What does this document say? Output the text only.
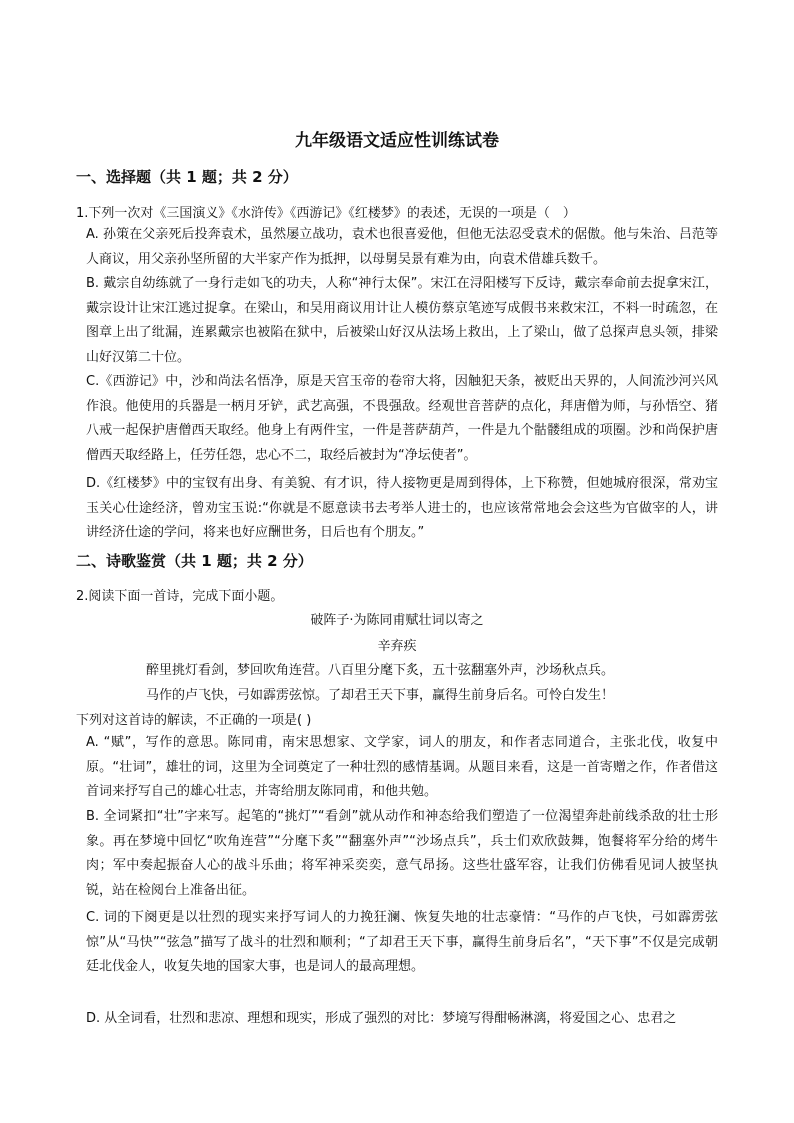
九年级语文适应性训练试卷
一、选择题（共 1 题；共 2 分）
1.下列一次对《三国演义》《水浒传》《西游记》《红楼梦》的表述，无误的一项是（　）
A. 孙策在父亲死后投奔袁术，虽然屡立战功，袁术也很喜爱他，但他无法忍受袁术的倨傲。他与朱治、吕范等人商议，用父亲孙坚所留的大半家产作为抵押，以母舅吴景有难为由，向袁术借雄兵数千。
B. 戴宗自幼练就了一身行走如飞的功夫，人称“神行太保”。宋江在浔阳楼写下反诗，戴宗奉命前去捉拿宋江，戴宗设计让宋江逃过捉拿。在梁山，和吴用商议用计让人模仿蔡京笔迹写成假书来救宋江，不料一时疏忽，在图章上出了纰漏，连累戴宗也被陷在狱中，后被梁山好汉从法场上救出，上了梁山，做了总探声息头领，排梁山好汉第二十位。
C.《西游记》中，沙和尚法名悟净，原是天宫玉帝的卷帘大将，因触犯天条，被贬出天界的，人间流沙河兴风作浪。他使用的兵器是一柄月牙铲，武艺高强，不畏强敌。经观世音菩萨的点化，拜唐僧为师，与孙悟空、猪八戒一起保护唐僧西天取经。他身上有两件宝，一件是菩萨葫芦，一件是九个骷髅组成的项圈。沙和尚保护唐僧西天取经路上，任劳任怨，忠心不二，取经后被封为“净坛使者”。
D.《红楼梦》中的宝钗有出身、有美貌、有才识，待人接物更是周到得体，上下称赞，但她城府很深，常劝宝玉关心仕途经济，曾劝宝玉说:“你就是不愿意读书去考举人进士的，也应该常常地会会这些为官做宰的人，讲讲经济仕途的学问，将来也好应酬世务，日后也有个朋友。”
二、诗歌鉴赏（共 1 题；共 2 分）
2.阅读下面一首诗，完成下面小题。
破阵子·为陈同甫赋壮词以寄之
辛弃疾
醉里挑灯看剑，梦回吹角连营。八百里分麾下炙，五十弦翻塞外声，沙场秋点兵。
马作的卢飞快，弓如霹雳弦惊。了却君王天下事，赢得生前身后名。可怜白发生！
下列对这首诗的解读，不正确的一项是( )
A. “赋”，写作的意思。陈同甫，南宋思想家、文学家，词人的朋友，和作者志同道合，主张北伐，收复中原。“壮词”，雄壮的词，这里为全词奠定了一种壮烈的感情基调。从题目来看，这是一首寄赠之作，作者借这首词来抒写自己的雄心壮志，并寄给朋友陈同甫，和他共勉。
B. 全词紧扣“壮”字来写。起笔的“挑灯”“看剑”就从动作和神态给我们塑造了一位渴望奔赴前线杀敌的壮士形象。再在梦境中回忆“吹角连营”“分麾下炙”“翻塞外声”“沙场点兵”，兵士们欢欣鼓舞，饱餐将军分给的烤牛肉；军中奏起振奋人心的战斗乐曲；将军神采奕奕，意气昂扬。这些壮盛军容，让我们仿佛看见词人披坚执锐，站在检阅台上准备出征。
C. 词的下阕更是以壮烈的现实来抒写词人的力挽狂澜、恢复失地的壮志豪情：“马作的卢飞快，弓如霹雳弦惊”从“马快”“弦急”描写了战斗的壮烈和顺利；“了却君王天下事，赢得生前身后名”，“天下事”不仅是完成朝廷北伐金人，收复失地的国家大事，也是词人的最高理想。
D. 从全词看，壮烈和悲凉、理想和现实，形成了强烈的对比：梦境写得酣畅淋漓，将爱国之心、忠君之
